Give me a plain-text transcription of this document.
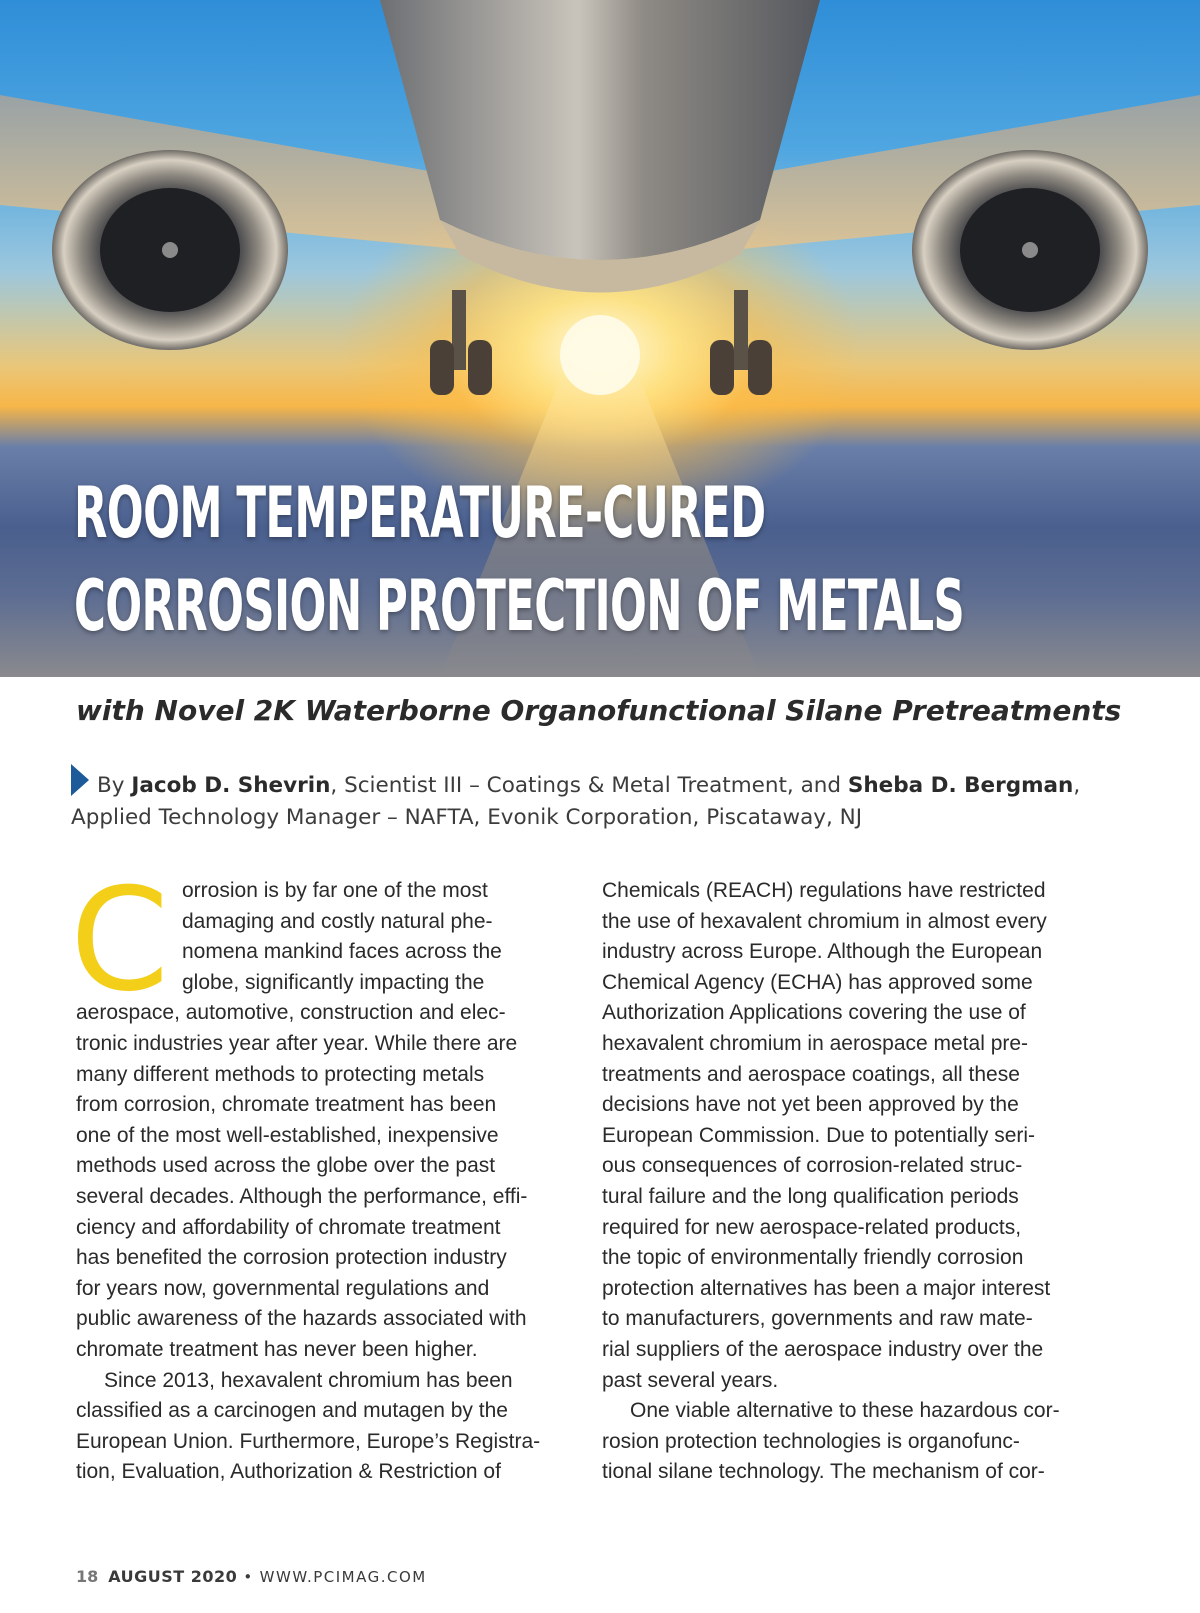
ROOM TEMPERATURE-CURED
CORROSION PROTECTION OF METALS
with Novel 2K Waterborne Organofunctional Silane Pretreatments
By Jacob D. Shevrin, Scientist III – Coatings & Metal Treatment, and Sheba D. Bergman, Applied Technology Manager – NAFTA, Evonik Corporation, Piscataway, NJ
C orrosion is by far one of the most
damaging and costly natural phe-
nomena mankind faces across the
globe, significantly impacting the

aerospace, automotive, construction and elec-
tronic industries year after year. While there are
many different methods to protecting metals
from corrosion, chromate treatment has been
one of the most well-established, inexpensive
methods used across the globe over the past
several decades. Although the performance, effi-
ciency and affordability of chromate treatment
has benefited the corrosion protection industry
for years now, governmental regulations and
public awareness of the hazards associated with
chromate treatment has never been higher.

Since 2013, hexavalent chromium has been
classified as a carcinogen and mutagen by the
European Union. Furthermore, Europe’s Registra-
tion, Evaluation, Authorization & Restriction of

Chemicals (REACH) regulations have restricted
the use of hexavalent chromium in almost every
industry across Europe. Although the European
Chemical Agency (ECHA) has approved some
Authorization Applications covering the use of
hexavalent chromium in aerospace metal pre-
treatments and aerospace coatings, all these
decisions have not yet been approved by the
European Commission. Due to potentially seri-
ous consequences of corrosion-related struc-
tural failure and the long qualification periods
required for new aerospace-related products,
the topic of environmentally friendly corrosion
protection alternatives has been a major interest
to manufacturers, governments and raw mate-
rial suppliers of the aerospace industry over the
past several years.

One viable alternative to these hazardous cor-
rosion protection technologies is organofunc-
tional silane technology. The mechanism of cor-

18 AUGUST 2020 • WWW.PCIMAG.COM
